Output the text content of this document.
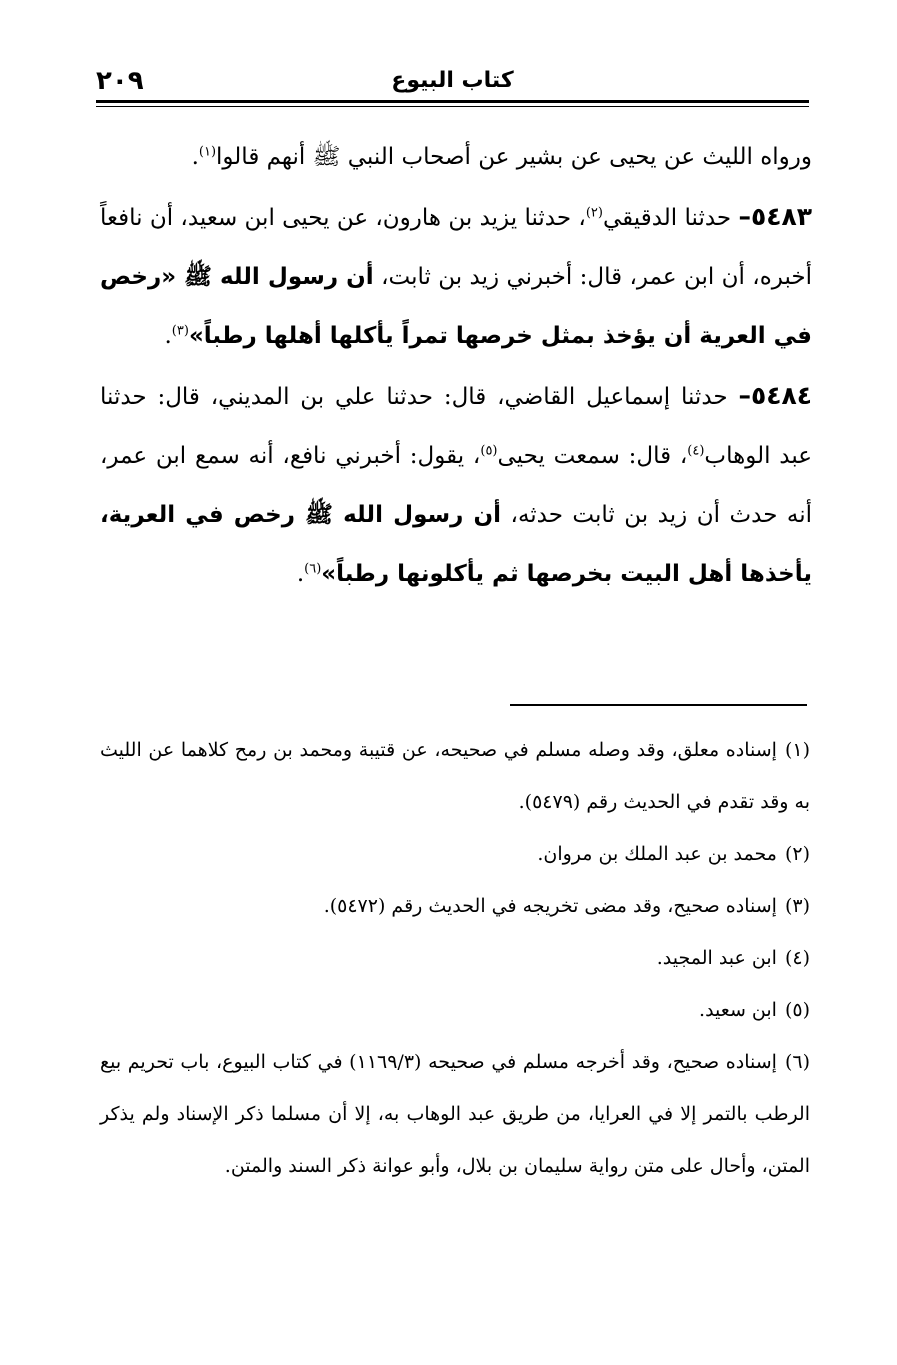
٢٠٩	كتاب البيوع

ورواه الليث عن يحيى عن بشير عن أصحاب النبي ﷺ أنهم قالوا$^{(١)}$.

٥٤٨٣– حدثنا الدقيقي$^{(٢)}$، حدثنا يزيد بن هارون، عن يحيى ابن سعيد، أن نافعاً أخبره، أن ابن عمر، قال: أخبرني زيد بن ثابت، أن رسول الله ﷺ «رخص في العرية أن يؤخذ بمثل خرصها تمراً يأكلها أهلها رطباً»$^{(٣)}$.

٥٤٨٤– حدثنا إسماعيل القاضي، قال: حدثنا علي بن المديني، قال: حدثنا عبد الوهاب$^{(٤)}$، قال: سمعت يحيى$^{(٥)}$، يقول: أخبرني نافع، أنه سمع ابن عمر، أنه حدث أن زيد بن ثابت حدثه، أن رسول الله ﷺ رخص في العرية، يأخذها أهل البيت بخرصها ثم يأكلونها رطباً»$^{(٦)}$.

(١)إسناده معلق، وقد وصله مسلم في صحيحه، عن قتيبة ومحمد بن رمح كلاهما عن الليث به وقد تقدم في الحديث رقم (٥٤٧٩).

(٢)محمد بن عبد الملك بن مروان.

(٣)إسناده صحيح، وقد مضى تخريجه في الحديث رقم (٥٤٧٢).

(٤)ابن عبد المجيد.

(٥)ابن سعيد.

(٦)إسناده صحيح، وقد أخرجه مسلم في صحيحه (١١٦٩/٣) في كتاب البيوع، باب تحريم بيع الرطب بالتمر إلا في العرايا، من طريق عبد الوهاب به، إلا أن مسلما ذكر الإسناد ولم يذكر المتن، وأحال على متن رواية سليمان بن بلال، وأبو عوانة ذكر السند والمتن.
